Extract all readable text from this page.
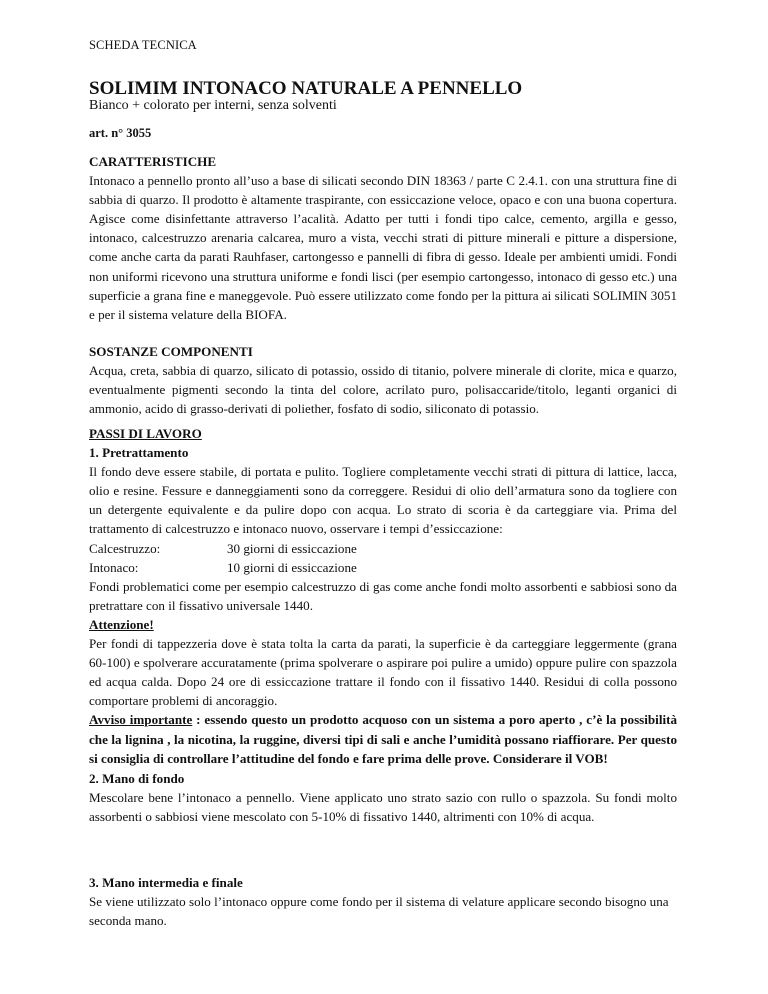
SCHEDA TECNICA
SOLIMIM INTONACO NATURALE A PENNELLO
Bianco + colorato per interni, senza solventi
art. n° 3055
CARATTERISTICHE
Intonaco a pennello pronto all’uso a base di silicati secondo DIN 18363 / parte C 2.4.1. con una struttura fine di sabbia di quarzo. Il prodotto è altamente traspirante, con essiccazione veloce, opaco e con una buona copertura. Agisce come disinfettante attraverso l’acalità. Adatto per tutti i fondi tipo calce, cemento, argilla e gesso, intonaco, calcestruzzo arenaria calcarea, muro a vista, vecchi strati di pitture minerali e pitture a dispersione, come anche carta da parati Rauhfaser, cartongesso e pannelli di fibra di gesso. Ideale per ambienti umidi. Fondi non uniformi ricevono una struttura uniforme e fondi lisci (per esempio cartongesso, intonaco di gesso etc.) una superficie a grana fine e maneggevole. Può essere utilizzato come fondo per la pittura ai silicati SOLIMIN 3051 e per il sistema velature della BIOFA.
SOSTANZE COMPONENTI
Acqua, creta, sabbia di quarzo, silicato di potassio, ossido di titanio, polvere minerale di clorite, mica e quarzo, eventualmente pigmenti secondo la tinta del colore, acrilato puro, polisaccaride/titolo, leganti organici di ammonio, acido di grasso-derivati di poliether, fosfato di sodio, siliconato di potassio.
PASSI DI LAVORO
1. Pretrattamento
Il fondo deve essere stabile, di portata e pulito. Togliere completamente vecchi strati di pittura di lattice, lacca, olio e resine. Fessure e danneggiamenti sono da correggere. Residui di olio dell’armatura sono da togliere con un detergente equivalente e da pulire dopo con acqua. Lo strato di scoria è da carteggiare via. Prima del trattamento di calcestruzzo e intonaco nuovo, osservare i tempi d’essiccazione:
Calcestruzzo:	30 giorni di essiccazione
Intonaco:	10 giorni di essiccazione
Fondi problematici come per esempio calcestruzzo di gas come anche fondi molto assorbenti e sabbiosi sono da pretrattare con il fissativo universale 1440.
Attenzione!
Per fondi di tappezzeria dove è stata tolta la carta da parati, la superficie è da carteggiare leggermente (grana 60-100) e spolverare accuratamente (prima spolverare o aspirare poi pulire a umido) oppure pulire con spazzola ed acqua calda. Dopo 24 ore di essiccazione trattare il fondo con il fissativo 1440. Residui di colla possono comportare problemi di ancoraggio.
Avviso importante : essendo questo un prodotto acquoso con un sistema a poro aperto , c’è la possibilità che la lignina , la nicotina, la ruggine, diversi tipi di sali e anche l’umidità possano riaffiorare. Per questo si consiglia di controllare l’attitudine del fondo e fare prima delle prove. Considerare il VOB!
2. Mano di fondo
Mescolare bene l’intonaco a pennello. Viene applicato uno strato sazio con rullo o spazzola. Su fondi molto assorbenti o sabbiosi viene mescolato con 5-10% di fissativo 1440, altrimenti con 10% di acqua.
3. Mano intermedia e finale
Se viene utilizzato solo l’intonaco oppure come fondo per il sistema di velature applicare secondo bisogno una seconda mano.
